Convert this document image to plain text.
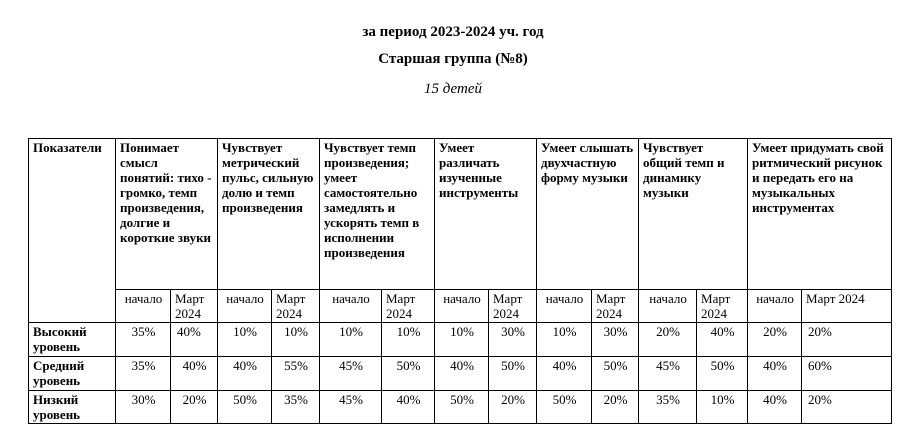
за период 2023-2024 уч. год
Старшая группа (№8)
15 детей
Показатели	Понимает смысл понятий: тихо - громко, темп произведения, долгие и короткие звуки		Чувствует метрический пульс, сильную долю и темп произведения		Чувствует темп произведения; умеет самостоятельно замедлять и ускорять темп в исполнении произведения		Умеет различать изученные инструменты		Умеет слышать двухчастную форму музыки		Чувствует общий темп и динамику музыки		Умеет придумать свой ритмический рисунок и передать его на музыкальных инструментах	
	начало	Март 2024	начало	Март 2024	начало	Март 2024	начало	Март 2024	начало	Март 2024	начало	Март 2024	начало	Март 2024
Высокий уровень	35%	40%	10%	10%	10%	10%	10%	30%	10%	30%	20%	40%	20%	20%
Средний уровень	35%	40%	40%	55%	45%	50%	40%	50%	40%	50%	45%	50%	40%	60%
Низкий уровень	30%	20%	50%	35%	45%	40%	50%	20%	50%	20%	35%	10%	40%	20%
